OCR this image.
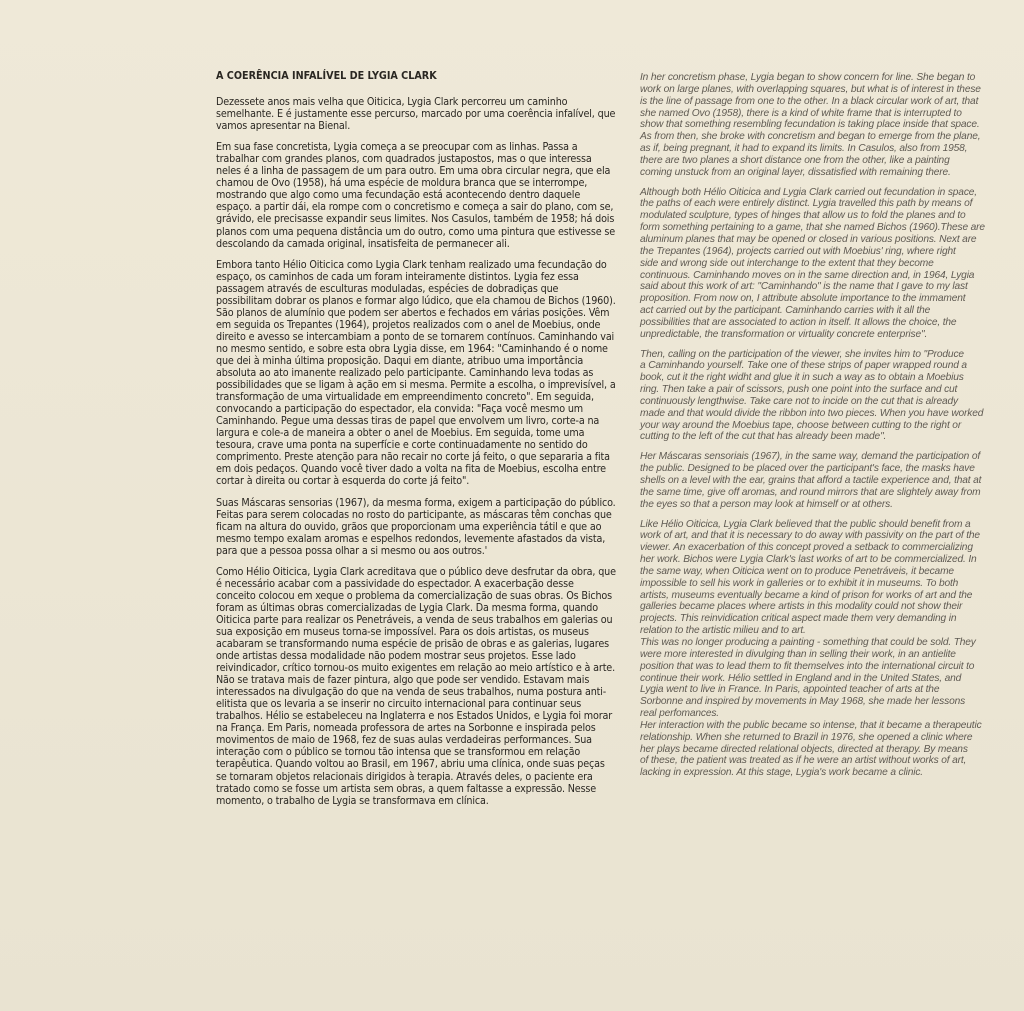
A COERÊNCIA INFALÍVEL DE LYGIA CLARK

Dezessete anos mais velha que Oiticica, Lygia Clark percorreu um caminho semelhante. E é justamente esse percurso, marcado por uma coerência infalível, que vamos apresentar na Bienal.

Em sua fase concretista, Lygia começa a se preocupar com as linhas. Passa a trabalhar com grandes planos, com quadrados justapostos, mas o que interessa neles é a linha de passagem de um para outro. Em uma obra circular negra, que ela chamou de Ovo (1958), há uma espécie de moldura branca que se interrompe, mostrando que algo como uma fecundação está acontecendo dentro daquele espaço. a partir dái, ela rompe com o concretismo e começa a sair do plano, com se, grávido, ele precisasse expandir seus limites. Nos Casulos, também de 1958; há dois planos com uma pequena distância um do outro, como uma pintura que estivesse se descolando da camada original, insatisfeita de permanecer ali.

Embora tanto Hélio Oiticica como Lygia Clark tenham realizado uma fecundação do espaço, os caminhos de cada um foram inteiramente distintos. Lygia fez essa passagem através de esculturas moduladas, espécies de dobradiças que possibilitam dobrar os planos e formar algo lúdico, que ela chamou de Bichos (1960). São planos de alumínio que podem ser abertos e fechados em várias posições. Vêm em seguida os Trepantes (1964), projetos realizados com o anel de Moebius, onde direito e avesso se intercambiam a ponto de se tornarem contínuos. Caminhando vai no mesmo sentido, e sobre esta obra Lygia disse, em 1964: "Caminhando é o nome que dei à minha última proposição. Daqui em diante, atribuo uma importância absoluta ao ato imanente realizado pelo participante. Caminhando leva todas as possibilidades que se ligam à ação em si mesma. Permite a escolha, o imprevisível, a transformação de uma virtualidade em empreendimento concreto". Em seguida, convocando a participação do espectador, ela convida: "Faça você mesmo um Caminhando. Pegue uma dessas tiras de papel que envolvem um livro, corte-a na largura e cole-a de maneira a obter o anel de Moebius. Em seguida, tome uma tesoura, crave uma ponta na superfície e corte continuadamente no sentido do comprimento. Preste atenção para não recair no corte já feito, o que separaria a fita em dois pedaços. Quando você tiver dado a volta na fita de Moebius, escolha entre cortar à direita ou cortar à esquerda do corte já feito".

Suas Máscaras sensorias (1967), da mesma forma, exigem a participação do público. Feitas para serem colocadas no rosto do participante, as máscaras têm conchas que ficam na altura do ouvido, grãos que proporcionam uma experiência tátil e que ao mesmo tempo exalam aromas e espelhos redondos, levemente afastados da vista, para que a pessoa possa olhar a si mesmo ou aos outros.'

Como Hélio Oiticica, Lygia Clark acreditava que o público deve desfrutar da obra, que é necessário acabar com a passividade do espectador. A exacerbação desse conceito colocou em xeque o problema da comercialização de suas obras. Os Bichos foram as últimas obras comercializadas de Lygia Clark. Da mesma forma, quando Oiticica parte para realizar os Penetráveis, a venda de seus trabalhos em galerias ou sua exposição em museus torna-se impossível. Para os dois artistas, os museus acabaram se transformando numa espécie de prisão de obras e as galerias, lugares onde artistas dessa modalidade não podem mostrar seus projetos. Esse lado reivindicador, crítico tornou-os muito exigentes em relação ao meio artístico e à arte. Não se tratava mais de fazer pintura, algo que pode ser vendido. Estavam mais interessados na divulgação do que na venda de seus trabalhos, numa postura anti-elitista que os levaria a se inserir no circuito internacional para continuar seus trabalhos. Hélio se estabeleceu na Inglaterra e nos Estados Unidos, e Lygia foi morar na França. Em Paris, nomeada professora de artes na Sorbonne e inspirada pelos movimentos de maio de 1968, fez de suas aulas verdadeiras performances. Sua interação com o público se tornou tão intensa que se transformou em relação terapêutica. Quando voltou ao Brasil, em 1967, abriu uma clínica, onde suas peças se tornaram objetos relacionais dirigidos à terapia. Através deles, o paciente era tratado como se fosse um artista sem obras, a quem faltasse a expressão. Nesse momento, o trabalho de Lygia se transformava em clínica.

In her concretism phase, Lygia began to show concern for line. She began to
work on large planes, with overlapping squares, but what is of interest in these
is the line of passage from one to the other. In a black circular work of art, that
she named Ovo (1958), there is a kind of white frame that is interrupted to
show that something resembling fecundation is taking place inside that space.
As from then, she broke with concretism and began to emerge from the plane,
as if, being pregnant, it had to expand its limits. In Casulos, also from 1958,
there are two planes a short distance one from the other, like a painting
coming unstuck from an original layer, dissatisfied with remaining there.

Although both Hélio Oiticica and Lygia Clark carried out fecundation in space,
the paths of each were entirely distinct. Lygia travelled this path by means of
modulated sculpture, types of hinges that allow us to fold the planes and to
form something pertaining to a game, that she named Bichos (1960).These are
aluminum planes that may be opened or closed in various positions. Next are
the Trepantes (1964), projects carried out with Moebius' ring, where right
side and wrong side out interchange to the extent that they become
continuous. Caminhando moves on in the same direction and, in 1964, Lygia
said about this work of art: "Caminhando" is the name that I gave to my last
proposition. From now on, I attribute absolute importance to the immament
act carried out by the participant. Caminhando carries with it all the
possibilities that are associated to action in itself. It allows the choice, the
unpredictable, the transformation or virtuality concrete enterprise".

Then, calling on the participation of the viewer, she invites him to "Produce
a Caminhando yourself. Take one of these strips of paper wrapped round a
book, cut it the right widht and glue it in such a way as to obtain a Moebius
ring. Then take a pair of scissors, push one point into the surface and cut
continuously lengthwise. Take care not to incide on the cut that is already
made and that would divide the ribbon into two pieces. When you have worked
your way around the Moebius tape, choose between cutting to the right or
cutting to the left of the cut that has already been made".

Her Máscaras sensoriais (1967), in the same way, demand the participation of
the public. Designed to be placed over the participant's face, the masks have
shells on a level with the ear, grains that afford a tactile experience and, that at
the same time, give off aromas, and round mirrors that are slightely away from
the eyes so that a person may look at himself or at others.

Like Hélio Oiticica, Lygia Clark believed that the public should benefit from a
work of art, and that it is necessary to do away with passivity on the part of the
viewer. An exacerbation of this concept proved a setback to commercializing
her work. Bichos were Lygia Clark's last works of art to be commercialized. In
the same way, when Oiticica went on to produce Penetráveis, it became
impossible to sell his work in galleries or to exhibit it in museums. To both
artists, museums eventually became a kind of prison for works of art and the
galleries became places where artists in this modality could not show their
projects. This reinvidication critical aspect made them very demanding in
relation to the artistic milieu and to art.
This was no longer producing a painting - something that could be sold. They
were more interested in divulging than in selling their work, in an antielite
position that was to lead them to fit themselves into the international circuit to
continue their work. Hélio settled in England and in the United States, and
Lygia went to live in France. In Paris, appointed teacher of arts at the
Sorbonne and inspired by movements in May 1968, she made her lessons
real perfomances.
Her interaction with the public became so intense, that it became a therapeutic
relationship. When she returned to Brazil in 1976, she opened a clinic where
her plays became directed relational objects, directed at therapy. By means
of these, the patient was treated as if he were an artist without works of art,
lacking in expression. At this stage, Lygia's work became a clinic.
